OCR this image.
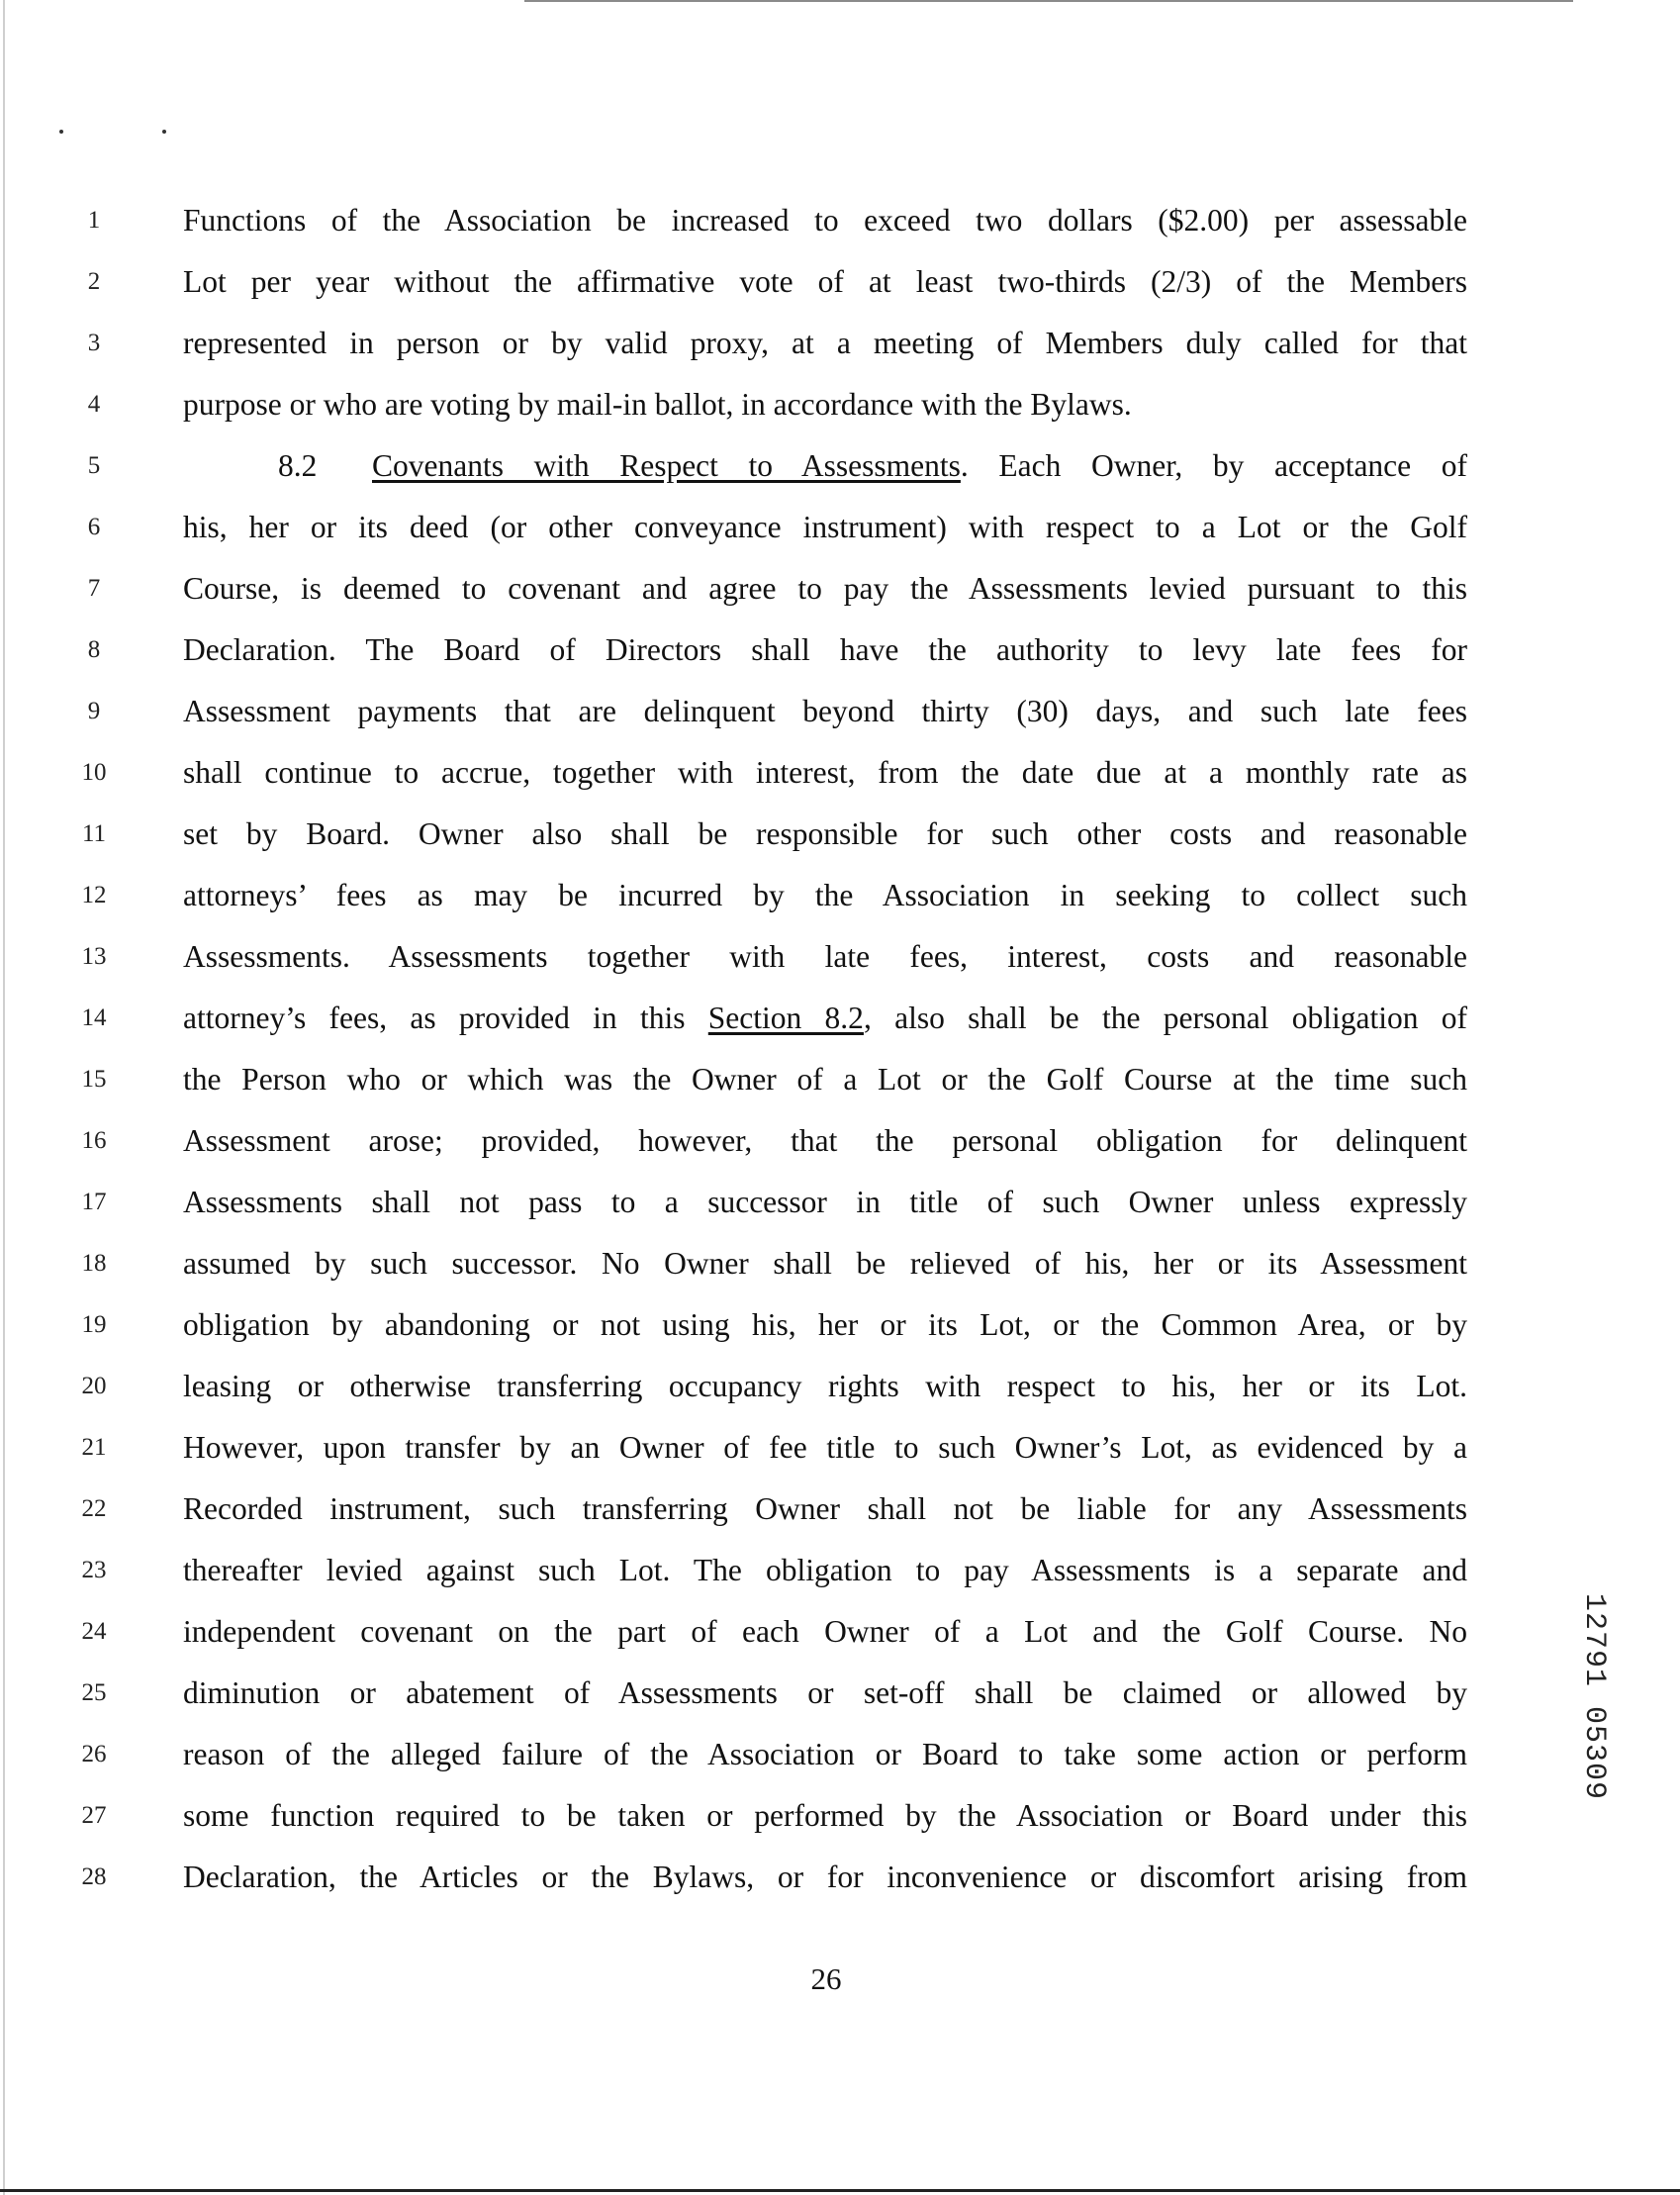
1
2
3
4
5
6
7
8
9
10
11
12
13
14
15
16
17
18
19
20
21
22
23
24
25
26
27
28
Functions of the Association be increased to exceed two dollars ($2.00) per assessable
Lot per year without the affirmative vote of at least two-thirds (2/3) of the Members
represented in person or by valid proxy, at a meeting of Members duly called for that
purpose or who are voting by mail-in ballot, in accordance with the Bylaws.
8.2 Covenants with Respect to Assessments. Each Owner, by acceptance of
his, her or its deed (or other conveyance instrument) with respect to a Lot or the Golf
Course, is deemed to covenant and agree to pay the Assessments levied pursuant to this
Declaration. The Board of Directors shall have the authority to levy late fees for
Assessment payments that are delinquent beyond thirty (30) days, and such late fees
shall continue to accrue, together with interest, from the date due at a monthly rate as
set by Board. Owner also shall be responsible for such other costs and reasonable
attorneys’ fees as may be incurred by the Association in seeking to collect such
Assessments. Assessments together with late fees, interest, costs and reasonable
attorney’s fees, as provided in this Section 8.2, also shall be the personal obligation of
the Person who or which was the Owner of a Lot or the Golf Course at the time such
Assessment arose; provided, however, that the personal obligation for delinquent
Assessments shall not pass to a successor in title of such Owner unless expressly
assumed by such successor. No Owner shall be relieved of his, her or its Assessment
obligation by abandoning or not using his, her or its Lot, or the Common Area, or by
leasing or otherwise transferring occupancy rights with respect to his, her or its Lot.
However, upon transfer by an Owner of fee title to such Owner’s Lot, as evidenced by a
Recorded instrument, such transferring Owner shall not be liable for any Assessments
thereafter levied against such Lot. The obligation to pay Assessments is a separate and
independent covenant on the part of each Owner of a Lot and the Golf Course. No
diminution or abatement of Assessments or set-off shall be claimed or allowed by
reason of the alleged failure of the Association or Board to take some action or perform
some function required to be taken or performed by the Association or Board under this
Declaration, the Articles or the Bylaws, or for inconvenience or discomfort arising from
26
12791 05309
